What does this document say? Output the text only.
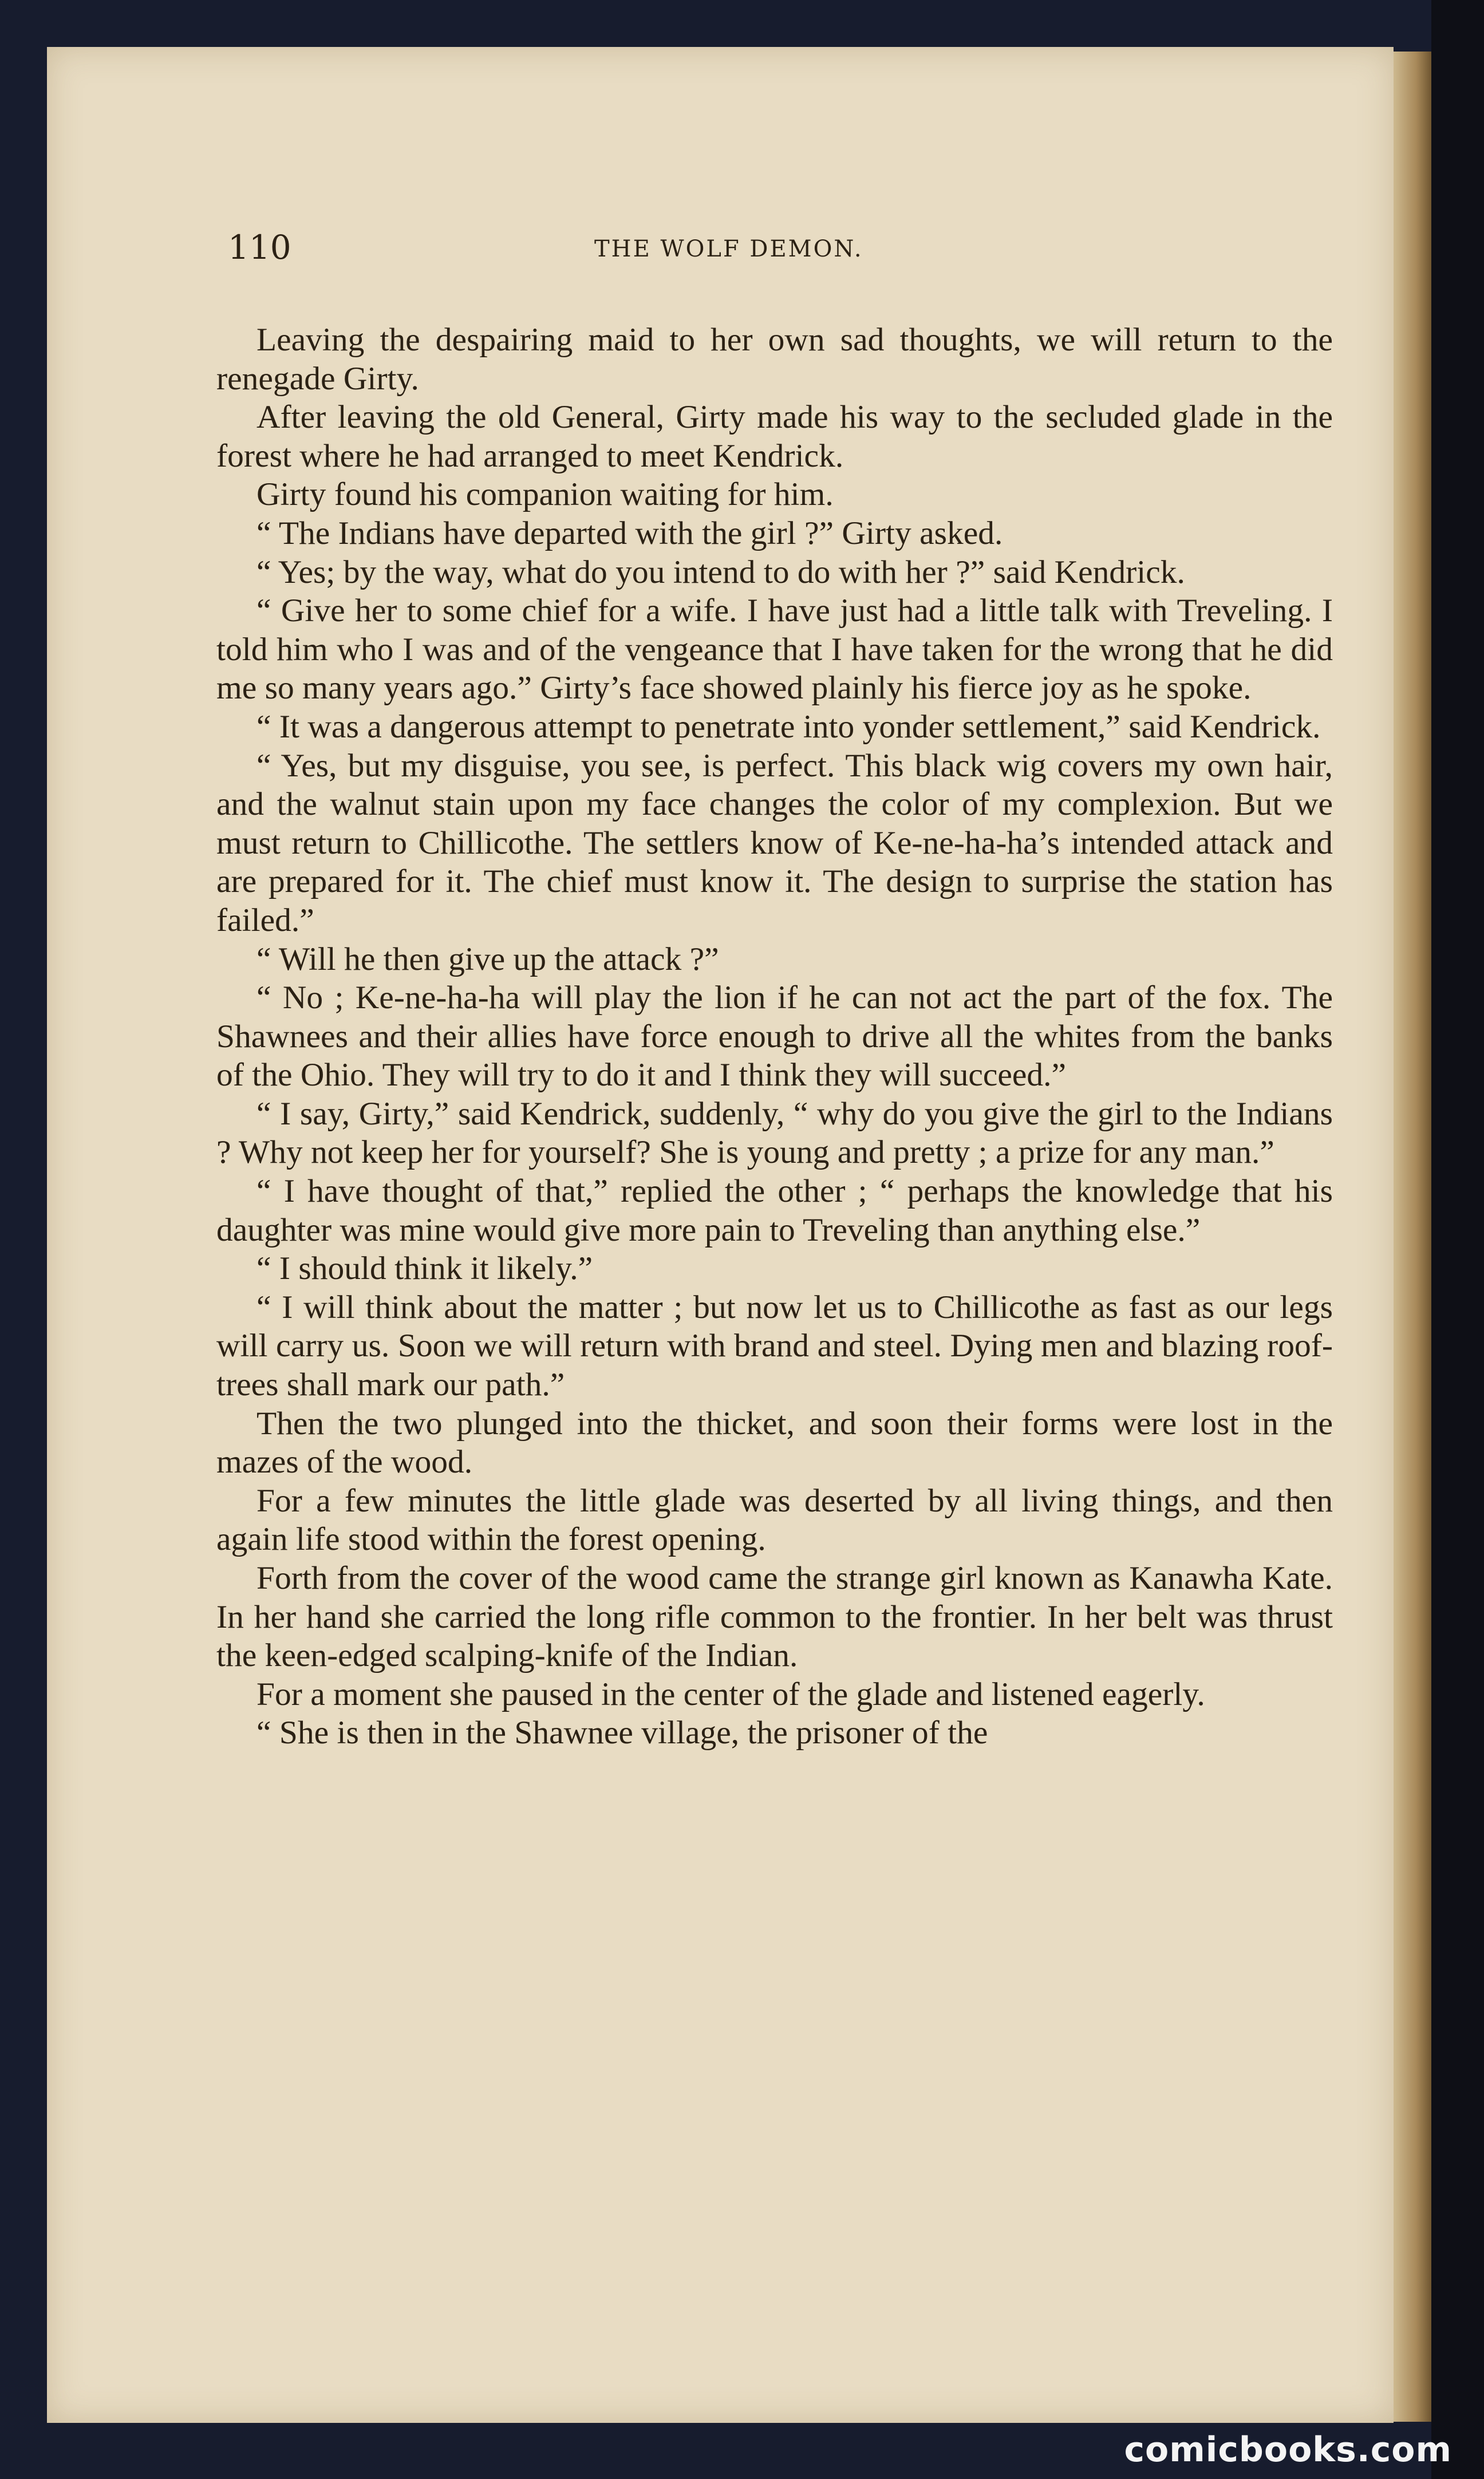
110	THE WOLF DEMON.

Leaving the despairing maid to her own sad thoughts, we will return to the renegade Girty.

After leaving the old General, Girty made his way to the secluded glade in the forest where he had arranged to meet Kendrick.

Girty found his companion waiting for him.

“ The Indians have departed with the girl ?” Girty asked.

“ Yes; by the way, what do you intend to do with her ?” said Kendrick.

“ Give her to some chief for a wife. I have just had a little talk with Treveling. I told him who I was and of the vengeance that I have taken for the wrong that he did me so many years ago.” Girty’s face showed plainly his fierce joy as he spoke.

“ It was a dangerous attempt to penetrate into yonder settlement,” said Kendrick.

“ Yes, but my disguise, you see, is perfect. This black wig covers my own hair, and the walnut stain upon my face changes the color of my complexion. But we must return to Chillicothe. The settlers know of Ke-ne-ha-ha’s intended attack and are prepared for it. The chief must know it. The design to surprise the station has failed.”

“ Will he then give up the attack ?”

“ No ; Ke-ne-ha-ha will play the lion if he can not act the part of the fox. The Shawnees and their allies have force enough to drive all the whites from the banks of the Ohio. They will try to do it and I think they will succeed.”

“ I say, Girty,” said Kendrick, suddenly, “ why do you give the girl to the Indians ? Why not keep her for yourself? She is young and pretty ; a prize for any man.”

“ I have thought of that,” replied the other ; “ perhaps the knowledge that his daughter was mine would give more pain to Treveling than anything else.”

“ I should think it likely.”

“ I will think about the matter ; but now let us to Chillicothe as fast as our legs will carry us. Soon we will return with brand and steel. Dying men and blazing roof-trees shall mark our path.”

Then the two plunged into the thicket, and soon their forms were lost in the mazes of the wood.

For a few minutes the little glade was deserted by all living things, and then again life stood within the forest opening.

Forth from the cover of the wood came the strange girl known as Kanawha Kate. In her hand she carried the long rifle common to the frontier. In her belt was thrust the keen-edged scalping-knife of the Indian.

For a moment she paused in the center of the glade and listened eagerly.

“ She is then in the Shawnee village, the prisoner of the

comicbooks.com
